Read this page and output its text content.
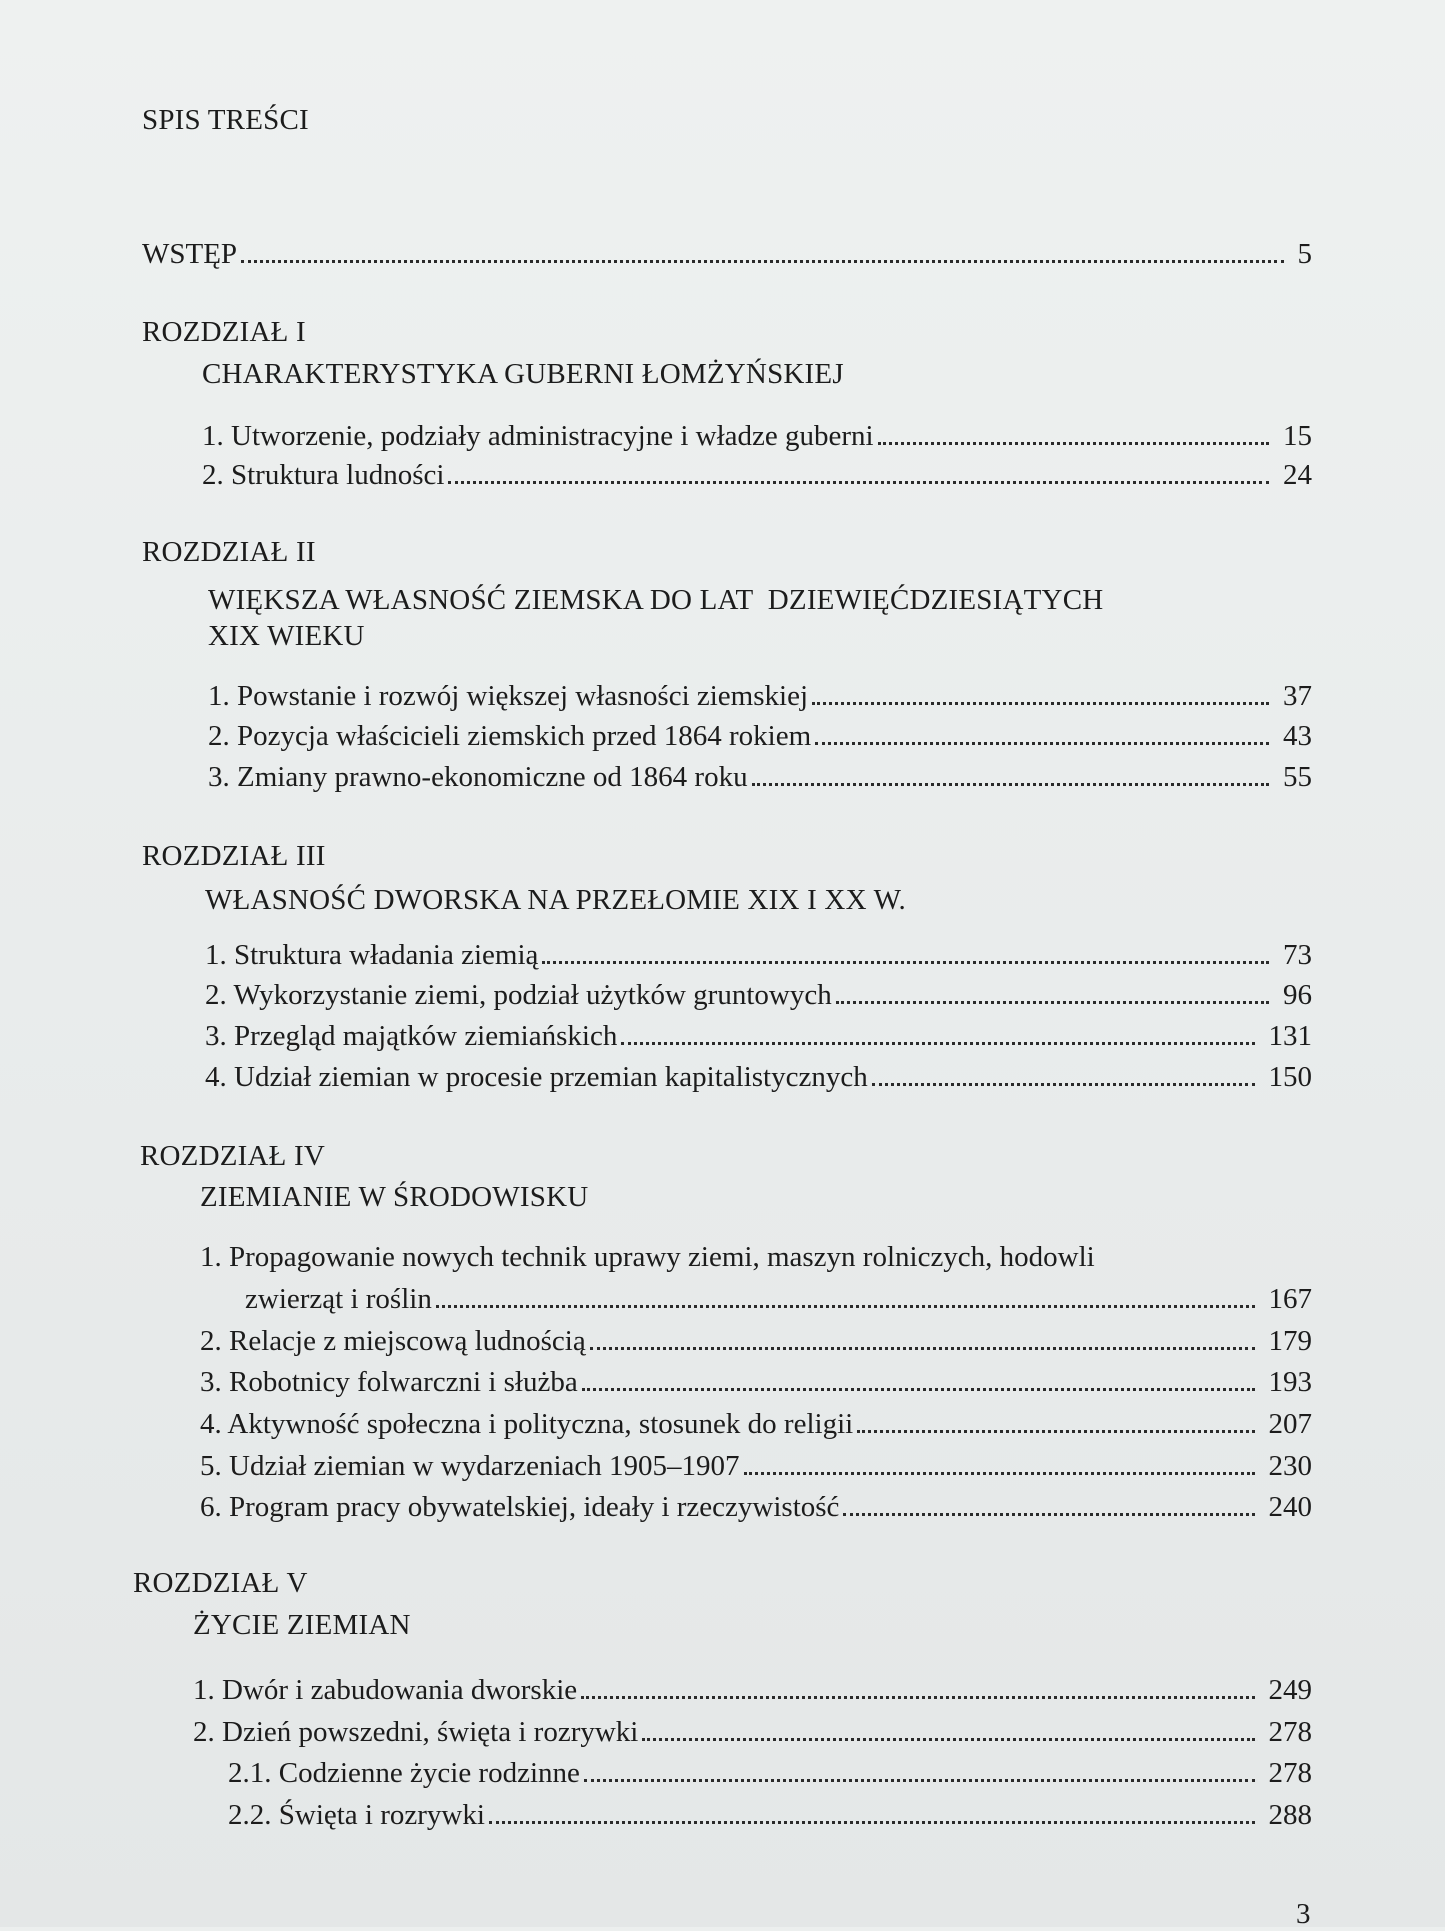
SPIS TREŚCI
WSTĘP	5
ROZDZIAŁ I
CHARAKTERYSTYKA GUBERNI ŁOMŻYŃSKIEJ
1. Utworzenie, podziały administracyjne i władze guberni	15
2. Struktura ludności	24
ROZDZIAŁ II
WIĘKSZA WŁASNOŚĆ ZIEMSKA DO LAT  DZIEWIĘĆDZIESIĄTYCH
XIX WIEKU
1. Powstanie i rozwój większej własności ziemskiej	37
2. Pozycja właścicieli ziemskich przed 1864 rokiem	43
3. Zmiany prawno-ekonomiczne od 1864 roku	55
ROZDZIAŁ III
WŁASNOŚĆ DWORSKA NA PRZEŁOMIE XIX I XX W.
1. Struktura władania ziemią	73
2. Wykorzystanie ziemi, podział użytków gruntowych	96
3. Przegląd majątków ziemiańskich	131
4. Udział ziemian w procesie przemian kapitalistycznych	150
ROZDZIAŁ IV
ZIEMIANIE W ŚRODOWISKU
1. Propagowanie nowych technik uprawy ziemi, maszyn rolniczych, hodowli
zwierząt i roślin	167
2. Relacje z miejscową ludnością	179
3. Robotnicy folwarczni i służba	193
4. Aktywność społeczna i polityczna, stosunek do religii	207
5. Udział ziemian w wydarzeniach 1905–1907	230
6. Program pracy obywatelskiej, ideały i rzeczywistość	240
ROZDZIAŁ V
ŻYCIE ZIEMIAN
1. Dwór i zabudowania dworskie	249
2. Dzień powszedni, święta i rozrywki	278
2.1. Codzienne życie rodzinne	278
2.2. Święta i rozrywki	288
3
